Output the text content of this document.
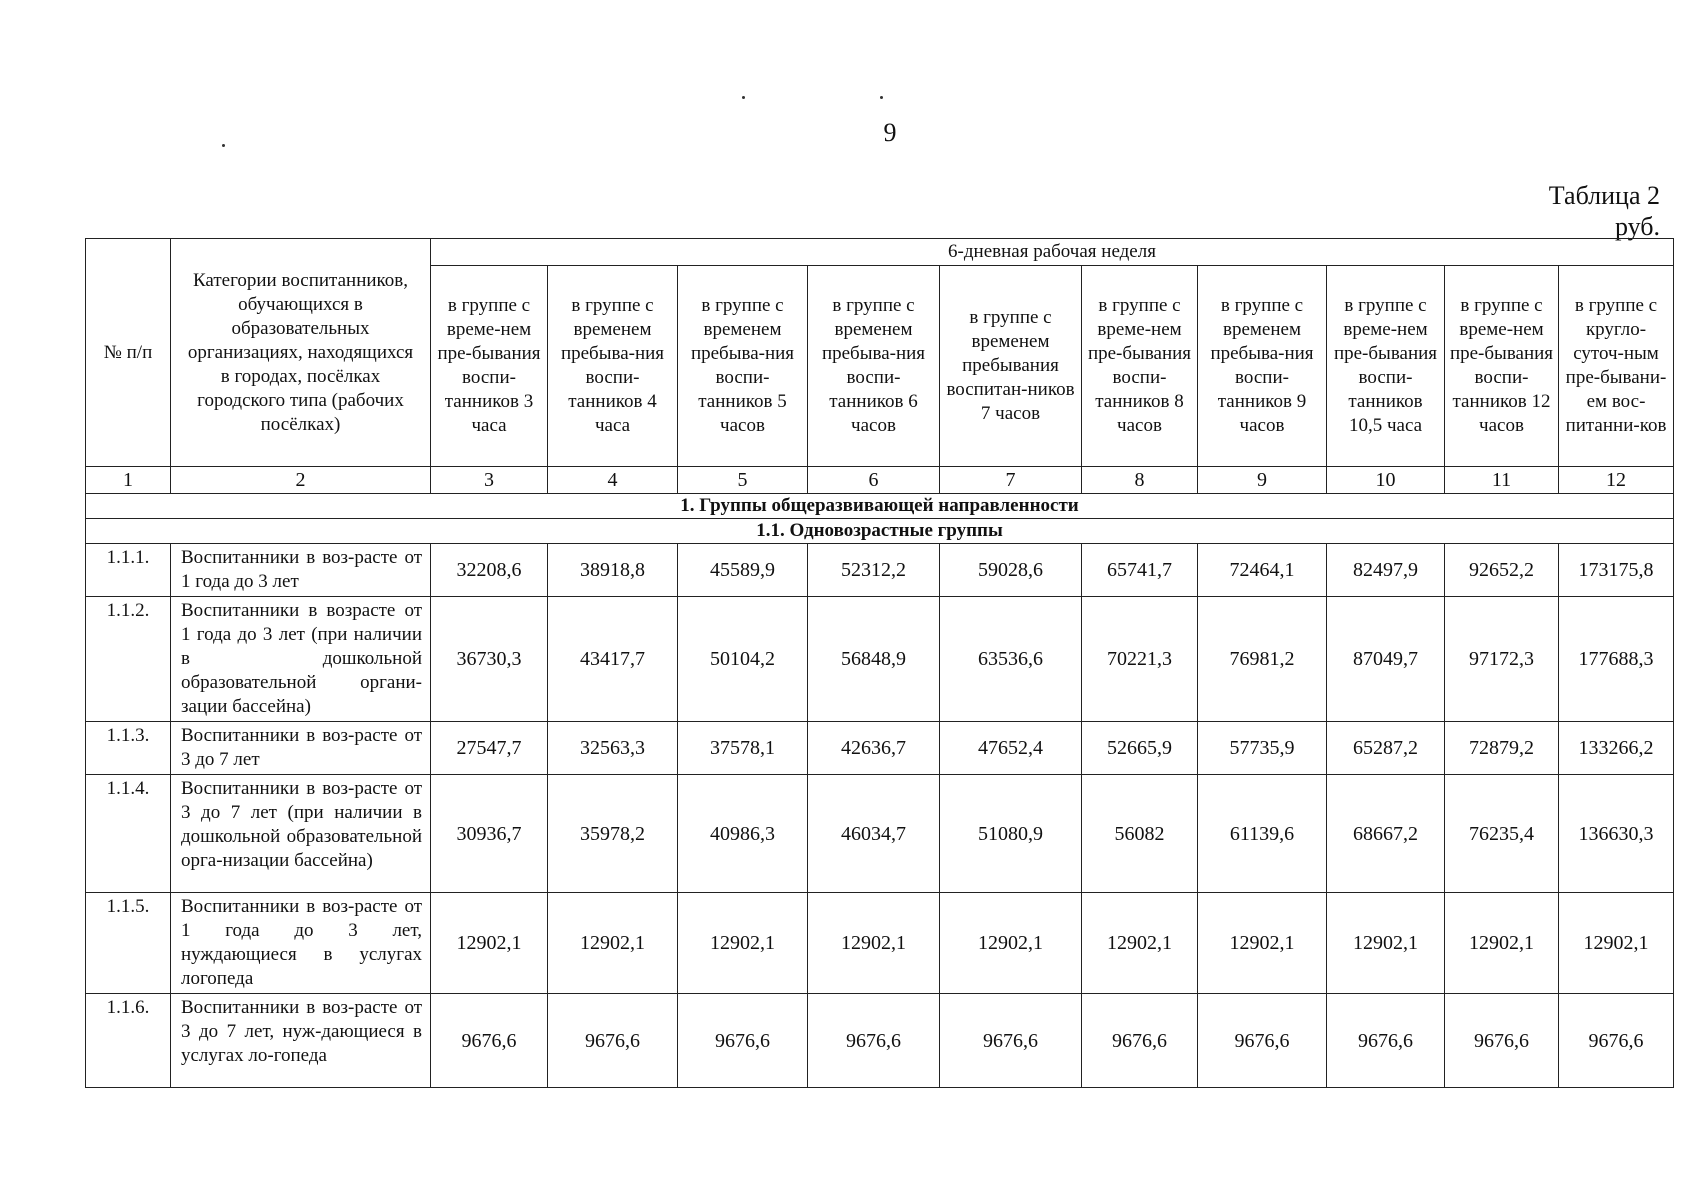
9
Таблица 2
руб.
№ п/п	Категории воспитанников, обучающихся в образовательных организациях, находящихся в городах, посёлках городского типа (рабочих посёлках)	6-дневная рабочая неделя									

		в группе с време-нем пре-бывания воспи-танников 3 часа	в группе с временем пребыва-ния воспи-танников 4 часа	в группе с временем пребыва-ния воспи-танников 5 часов	в группе с временем пребыва-ния воспи-танников 6 часов	в группе с временем пребывания воспитан-ников 7 часов	в группе с време-нем пре-бывания воспи-танников 8 часов	в группе с временем пребыва-ния воспи-танников 9 часов	в группе с време-нем пре-бывания воспи-танников 10,5 часа	в группе с време-нем пре-бывания воспи-танников 12 часов	в группе с кругло-суточ-ным пре-бывани-ем вос-питанни-ков

1	2	3	4	5	6	7	8	9	10	11	12
1. Группы общеразвивающей направленности											
1.1. Одновозрастные группы											
1.1.1.	Воспитанники в воз-расте от 1 года до 3 лет	32208,6	38918,8	45589,9	52312,2	59028,6	65741,7	72464,1	82497,9	92652,2	173175,8
1.1.2.	Воспитанники в возрасте от 1 года до 3 лет (при наличии в дошкольной образовательной органи-зации бассейна)	36730,3	43417,7	50104,2	56848,9	63536,6	70221,3	76981,2	87049,7	97172,3	177688,3
1.1.3.	Воспитанники в воз-расте от 3 до 7 лет	27547,7	32563,3	37578,1	42636,7	47652,4	52665,9	57735,9	65287,2	72879,2	133266,2
1.1.4.	Воспитанники в воз-расте от 3 до 7 лет (при наличии в дошкольной образовательной орга-низации бассейна)	30936,7	35978,2	40986,3	46034,7	51080,9	56082	61139,6	68667,2	76235,4	136630,3
1.1.5.	Воспитанники в воз-расте от 1 года до 3 лет, нуждающиеся в услугах логопеда	12902,1	12902,1	12902,1	12902,1	12902,1	12902,1	12902,1	12902,1	12902,1	12902,1
1.1.6.	Воспитанники в воз-расте от 3 до 7 лет, нуж-дающиеся в услугах ло-гопеда	9676,6	9676,6	9676,6	9676,6	9676,6	9676,6	9676,6	9676,6	9676,6	9676,6
